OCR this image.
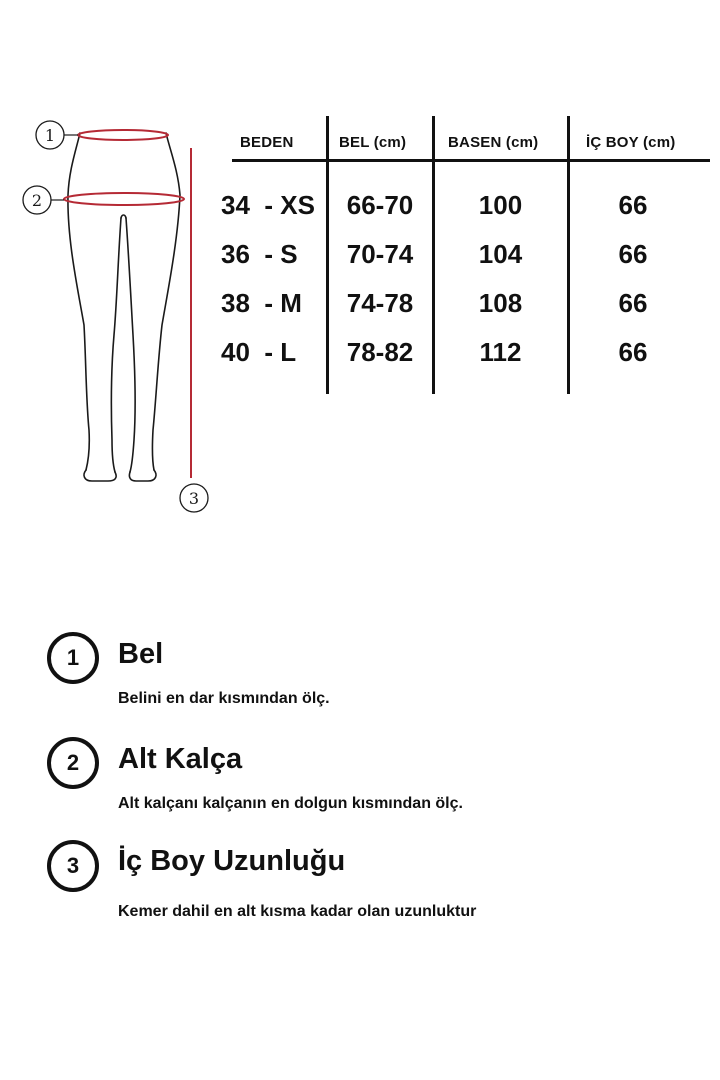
1
2
3
BEDEN	BEL (cm)	BASEN (cm)	İÇ BOY (cm)
34  - XS	66-70	100	66
36  - S	70-74	104	66
38  - M	74-78	108	66
40  - L	78-82	112	66
1	Bel
Belini en dar kısmından ölç.
2	Alt Kalça
Alt kalçanı kalçanın en dolgun kısmından ölç.
3	İç Boy Uzunluğu
Kemer dahil en alt kısma kadar olan uzunluktur
